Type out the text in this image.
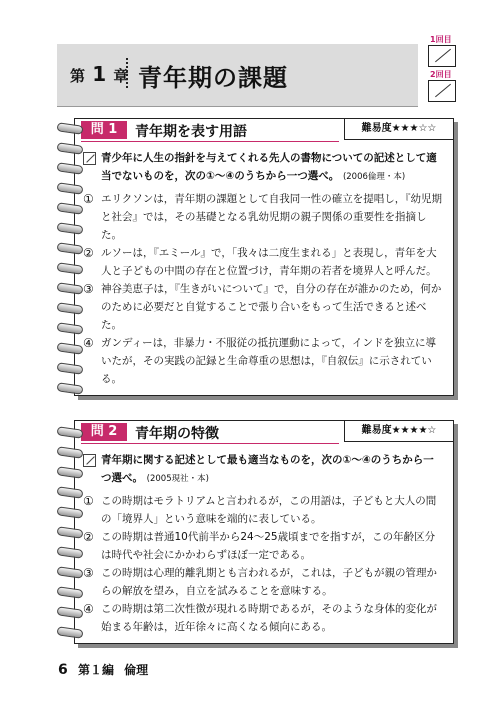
第 1 章 青年期の課題
1回目
2回目
問 1	青年期を表す用語	難易度★★★☆☆
青少年に人生の指針を与えてくれる先人の書物についての記述として適当でないものを，次の①～④のうちから一つ選べ。 (2006倫理・本)
① エリクソンは，青年期の課題として自我同一性の確立を提唱し，『幼児期と社会』では，その基礎となる乳幼児期の親子関係の重要性を指摘した。
② ルソーは，『エミール』で，「我々は二度生まれる」と表現し，青年を大人と子どもの中間の存在と位置づけ，青年期の若者を境界人と呼んだ。
③ 神谷美恵子は，『生きがいについて』で，自分の存在が誰かのため，何かのために必要だと自覚することで張り合いをもって生活できると述べた。
④ ガンディーは，非暴力・不服従の抵抗運動によって，インドを独立に導いたが，その実践の記録と生命尊重の思想は，『自叙伝』に示されている。
問 2	青年期の特徴	難易度★★★★☆
青年期に関する記述として最も適当なものを，次の①～④のうちから一つ選べ。 (2005現社・本)
① この時期はモラトリアムと言われるが，この用語は，子どもと大人の間の「境界人」という意味を端的に表している。
② この時期は普通10代前半から24～25歳頃までを指すが，この年齢区分は時代や社会にかかわらずほぼ一定である。
③ この時期は心理的離乳期とも言われるが，これは，子どもが親の管理からの解放を望み，自立を試みることを意味する。
④ この時期は第二次性徴が現れる時期であるが，そのような身体的変化が始まる年齢は，近年徐々に高くなる傾向にある。
6 第１編 倫理
